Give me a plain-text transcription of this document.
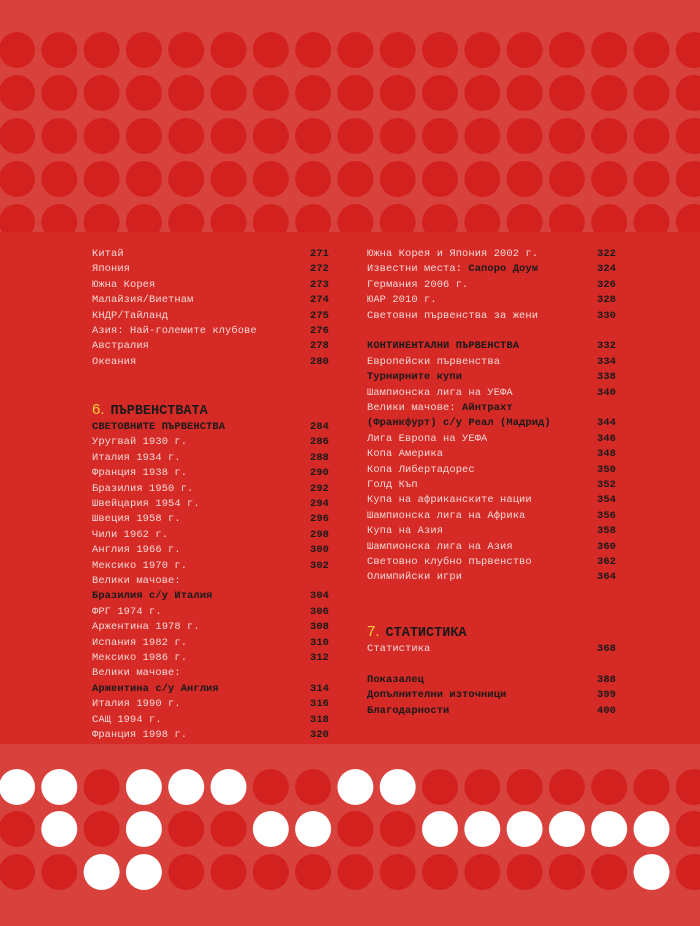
Китай	271
Япония	272
Южна Корея	273
Малайзия/Виетнам	274
КНДР/Тайланд	275
Азия: Най-големите клубове	276
Австралия	278
Океания	280
6. ПЪРВЕНСТВАТА
СВЕТОВНИТЕ ПЪРВЕНСТВА	284
Уругвай 1930 г.	286
Италия 1934 г.	288
Франция 1938 г.	290
Бразилия 1950 г.	292
Швейцария 1954 г.	294
Швеция 1958 г.	296
Чили 1962 г.	298
Англия 1966 г.	300
Мексико 1970 г.	302
Велики мачове:
Бразилия с/у Италия	304
ФРГ 1974 г.	306
Аржентина 1978 г.	308
Испания 1982 г.	310
Мексико 1986 г.	312
Велики мачове:
Аржентина с/у Англия	314
Италия 1990 г.	316
САЩ 1994 г.	318
Франция 1998 г.	320
Южна Корея и Япония 2002 г.	322
Известни места: Сапоро Доум	324
Германия 2006 г.	326
ЮАР 2010 г.	328
Световни първенства за жени	330
КОНТИНЕНТАЛНИ ПЪРВЕНСТВА	332
Европейски първенства	334
Турнирните купи	338
Шампионска лига на УЕФА	340
Велики мачове: Айнтрахт
(Франкфурт) с/у Реал (Мадрид)	344
Лига Европа на УЕФА	346
Копа Америка	348
Копа Либертадорес	350
Голд Къп	352
Купа на африканските нации	354
Шампионска лига на Африка	356
Купа на Азия	358
Шампионска лига на Азия	360
Световно клубно първенство	362
Олимпийски игри	364
7. СТАТИСТИКА
Статистика	368
Показалец	388
Допълнителни източници	399
Благодарности	400
